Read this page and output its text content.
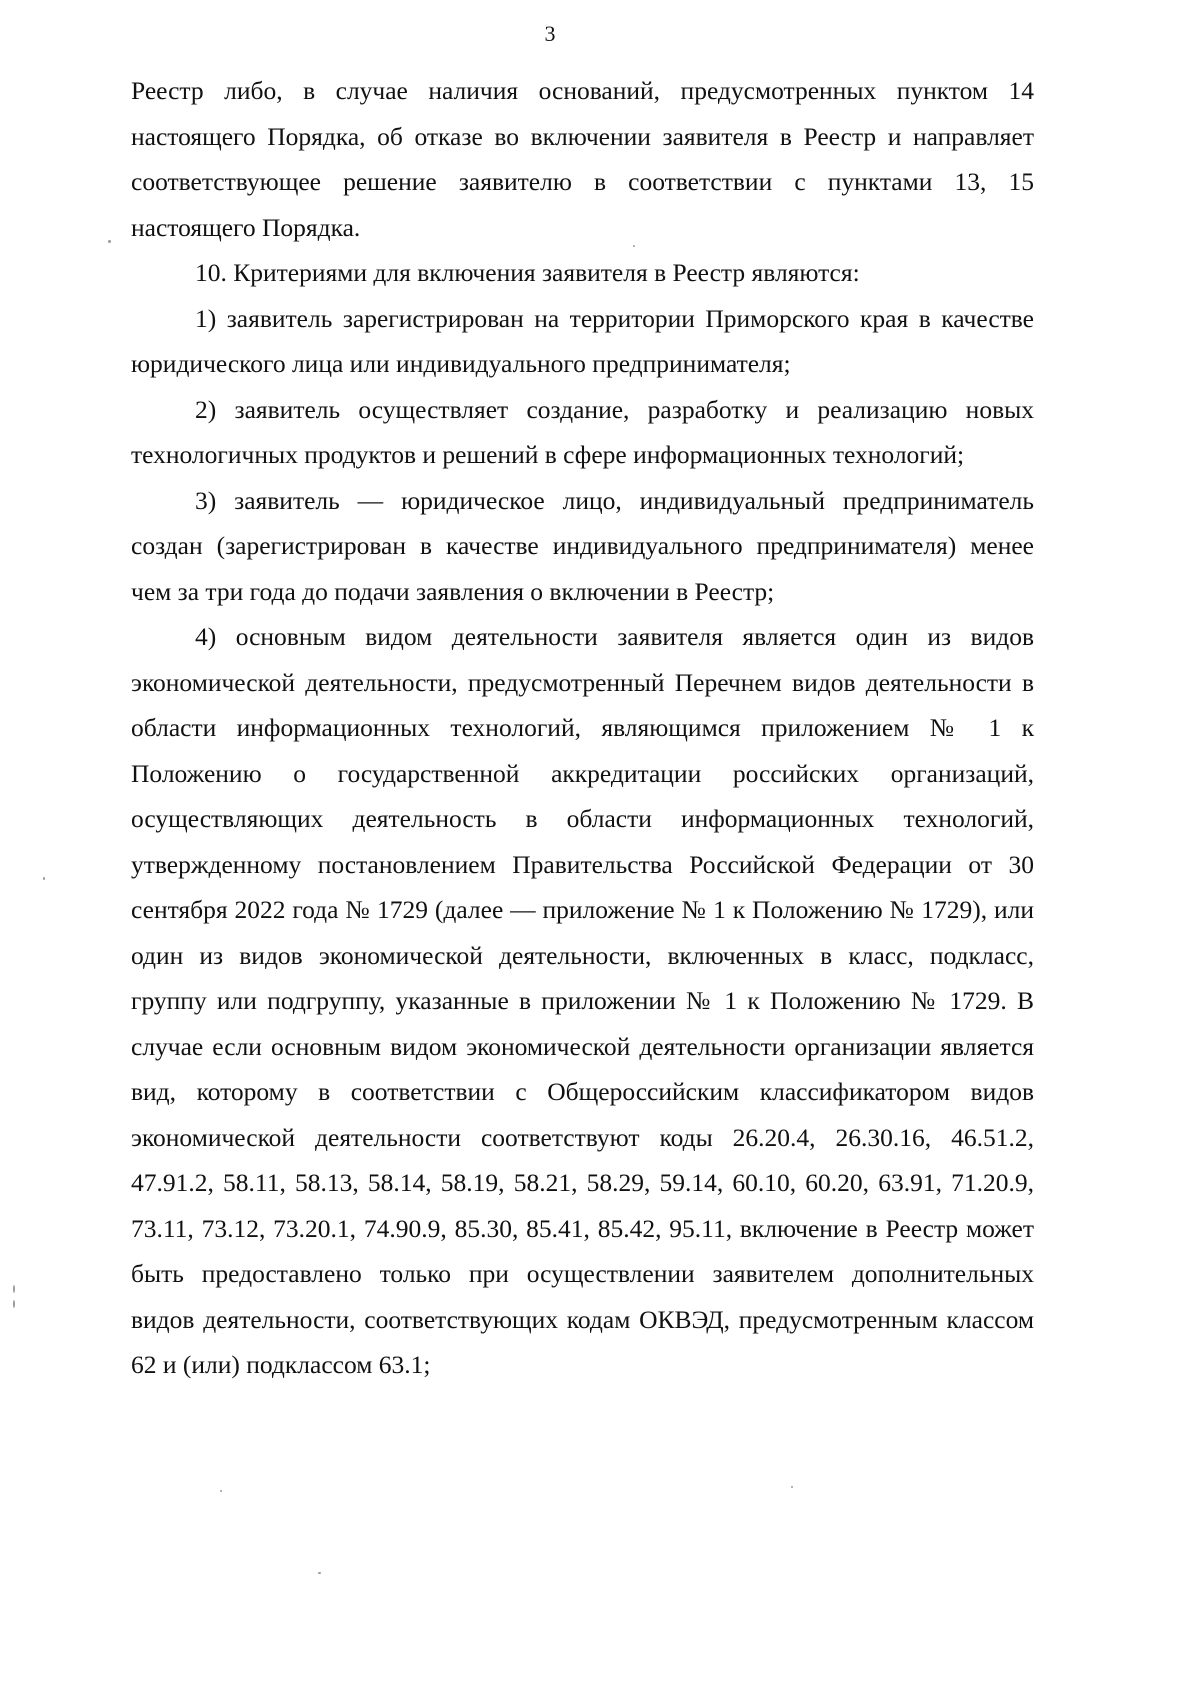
3

Реестр либо, в случае наличия оснований, предусмотренных пунктом 14 настоящего Порядка, об отказе во включении заявителя в Реестр и направляет соответствующее решение заявителю в соответствии с пунктами 13, 15 настоящего Порядка.

10. Критериями для включения заявителя в Реестр являются:

1) заявитель зарегистрирован на территории Приморского края в качестве юридического лица или индивидуального предпринимателя;

2) заявитель осуществляет создание, разработку и реализацию новых технологичных продуктов и решений в сфере информационных технологий;

3) заявитель — юридическое лицо, индивидуальный предприниматель создан (зарегистрирован в качестве индивидуального предпринимателя) менее чем за три года до подачи заявления о включении в Реестр;

4) основным видом деятельности заявителя является один из видов экономической деятельности, предусмотренный Перечнем видов деятельности в области информационных технологий, являющимся приложением № 1 к Положению о государственной аккредитации российских организаций, осуществляющих деятельность в области информационных технологий, утвержденному постановлением Правительства Российской Федерации от 30 сентября 2022 года № 1729 (далее — приложение № 1 к Положению № 1729), или один из видов экономической деятельности, включенных в класс, подкласс, группу или подгруппу, указанные в приложении № 1 к Положению № 1729. В случае если основным видом экономической деятельности организации является вид, которому в соответствии с Общероссийским классификатором видов экономической деятельности соответствуют коды 26.20.4, 26.30.16, 46.51.2, 47.91.2, 58.11, 58.13, 58.14, 58.19, 58.21, 58.29, 59.14, 60.10, 60.20, 63.91, 71.20.9, 73.11, 73.12, 73.20.1, 74.90.9, 85.30, 85.41, 85.42, 95.11, включение в Реестр может быть предоставлено только при осуществлении заявителем дополнительных видов деятельности, соответствующих кодам ОКВЭД, предусмотренным классом 62 и (или) подклассом 63.1;
